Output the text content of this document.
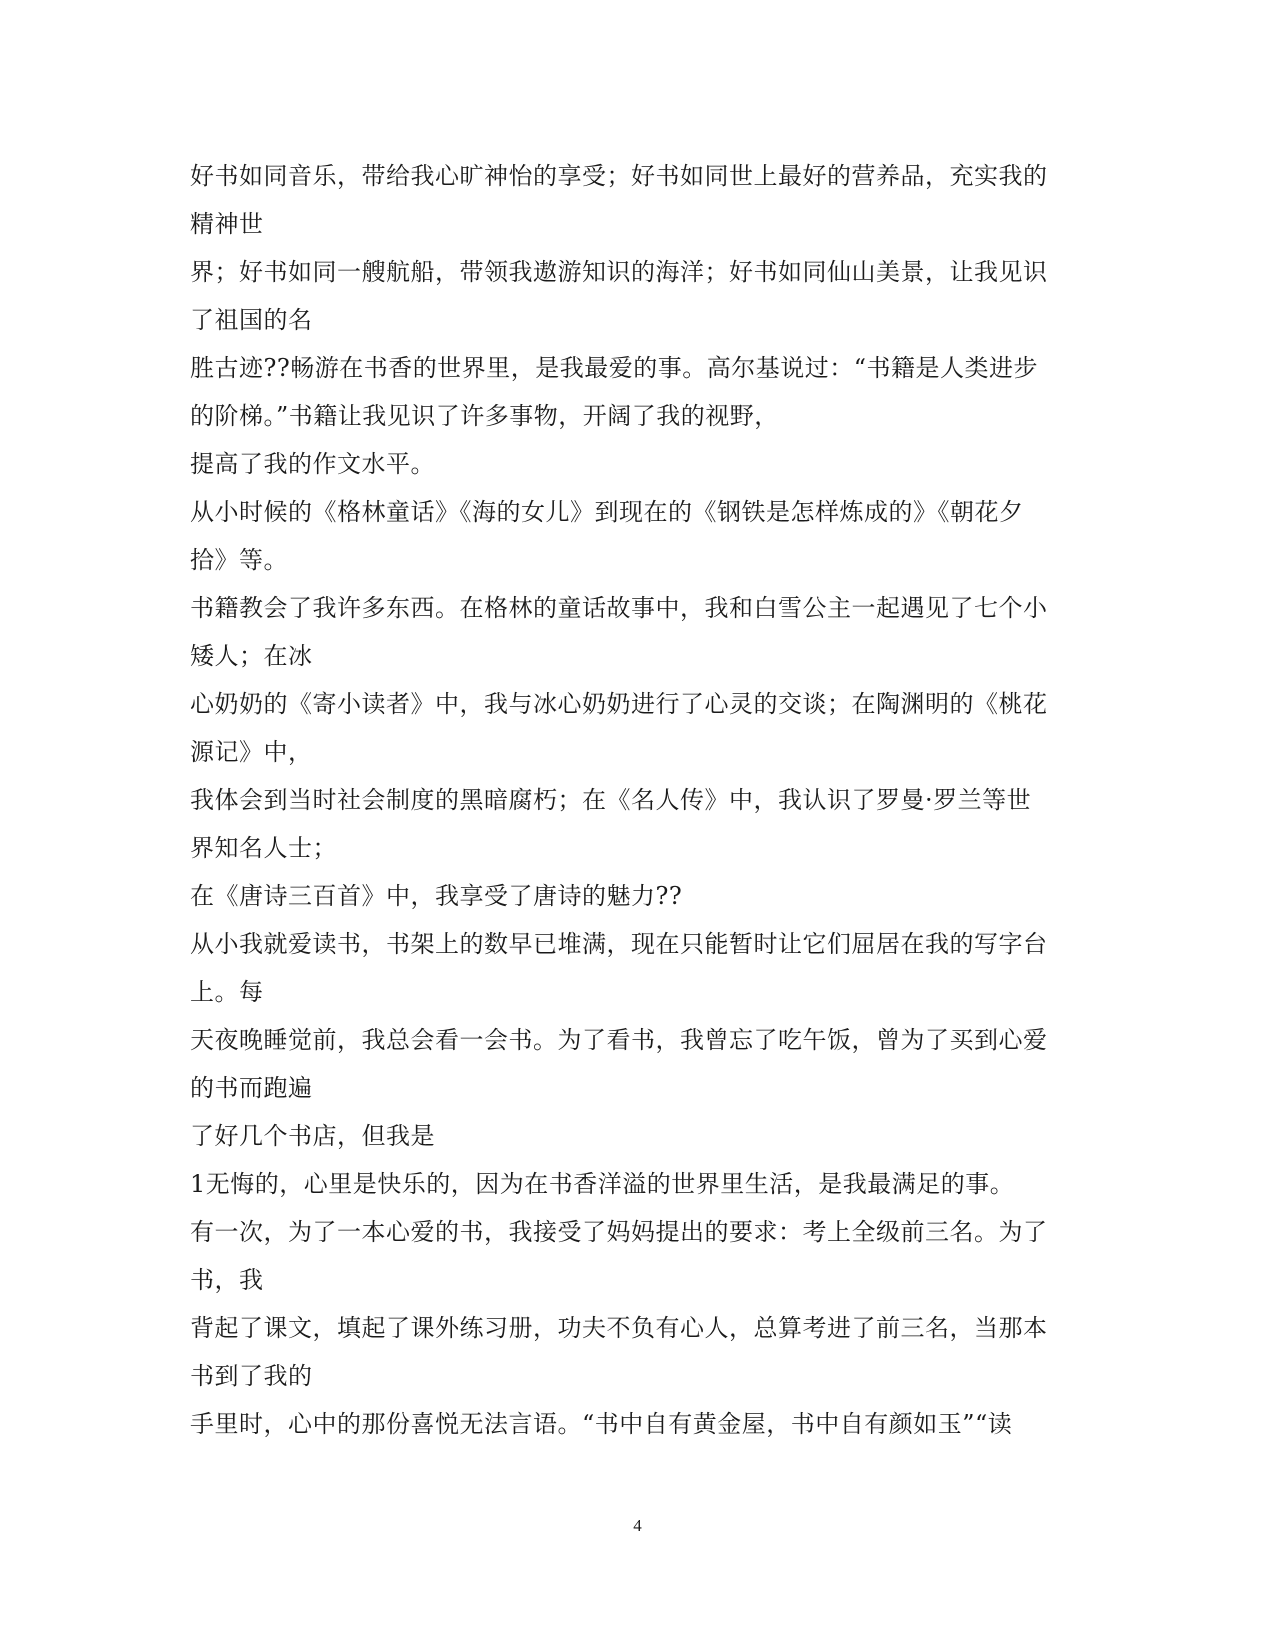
好书如同音乐，带给我心旷神怡的享受；好书如同世上最好的营养品，充实我的
精神世
界；好书如同一艘航船，带领我遨游知识的海洋；好书如同仙山美景，让我见识
了祖国的名
胜古迹??畅游在书香的世界里，是我最爱的事。高尔基说过：“书籍是人类进步
的阶梯。”书籍让我见识了许多事物，开阔了我的视野，
提高了我的作文水平。
从小时候的《格林童话》《海的女儿》到现在的《钢铁是怎样炼成的》《朝花夕
拾》等。
书籍教会了我许多东西。在格林的童话故事中，我和白雪公主一起遇见了七个小
矮人；在冰
心奶奶的《寄小读者》中，我与冰心奶奶进行了心灵的交谈；在陶渊明的《桃花
源记》中，
我体会到当时社会制度的黑暗腐朽；在《名人传》中，我认识了罗曼·罗兰等世
界知名人士；
在《唐诗三百首》中，我享受了唐诗的魅力??
从小我就爱读书，书架上的数早已堆满，现在只能暂时让它们屈居在我的写字台
上。每
天夜晚睡觉前，我总会看一会书。为了看书，我曾忘了吃午饭，曾为了买到心爱
的书而跑遍
了好几个书店，但我是
1无悔的，心里是快乐的，因为在书香洋溢的世界里生活，是我最满足的事。
有一次，为了一本心爱的书，我接受了妈妈提出的要求：考上全级前三名。为了
书，我
背起了课文，填起了课外练习册，功夫不负有心人，总算考进了前三名，当那本
书到了我的
手里时，心中的那份喜悦无法言语。“书中自有黄金屋，书中自有颜如玉”“读
4
